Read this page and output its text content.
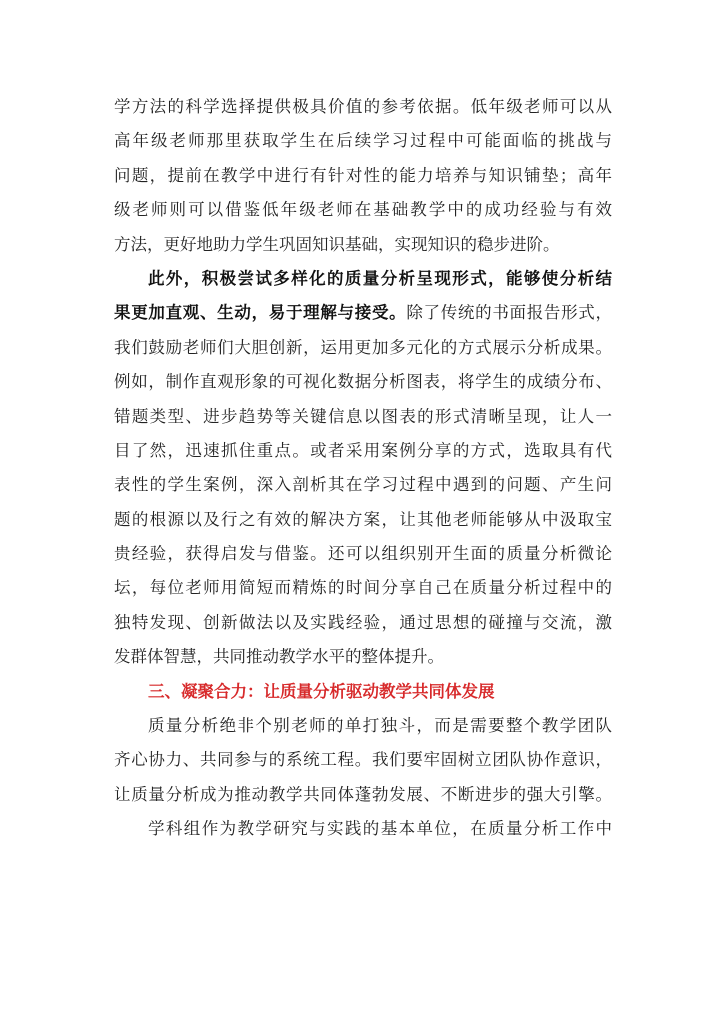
学方法的科学选择提供极具价值的参考依据。低年级老师可以从
高年级老师那里获取学生在后续学习过程中可能面临的挑战与
问题，提前在教学中进行有针对性的能力培养与知识铺垫；高年
级老师则可以借鉴低年级老师在基础教学中的成功经验与有效
方法，更好地助力学生巩固知识基础，实现知识的稳步进阶。
此外，积极尝试多样化的质量分析呈现形式，能够使分析结
果更加直观、生动，易于理解与接受。除了传统的书面报告形式，
我们鼓励老师们大胆创新，运用更加多元化的方式展示分析成果。
例如，制作直观形象的可视化数据分析图表，将学生的成绩分布、
错题类型、进步趋势等关键信息以图表的形式清晰呈现，让人一
目了然，迅速抓住重点。或者采用案例分享的方式，选取具有代
表性的学生案例，深入剖析其在学习过程中遇到的问题、产生问
题的根源以及行之有效的解决方案，让其他老师能够从中汲取宝
贵经验，获得启发与借鉴。还可以组织别开生面的质量分析微论
坛，每位老师用简短而精炼的时间分享自己在质量分析过程中的
独特发现、创新做法以及实践经验，通过思想的碰撞与交流，激
发群体智慧，共同推动教学水平的整体提升。
三、凝聚合力：让质量分析驱动教学共同体发展
质量分析绝非个别老师的单打独斗，而是需要整个教学团队
齐心协力、共同参与的系统工程。我们要牢固树立团队协作意识，
让质量分析成为推动教学共同体蓬勃发展、不断进步的强大引擎。
学科组作为教学研究与实践的基本单位，在质量分析工作中
